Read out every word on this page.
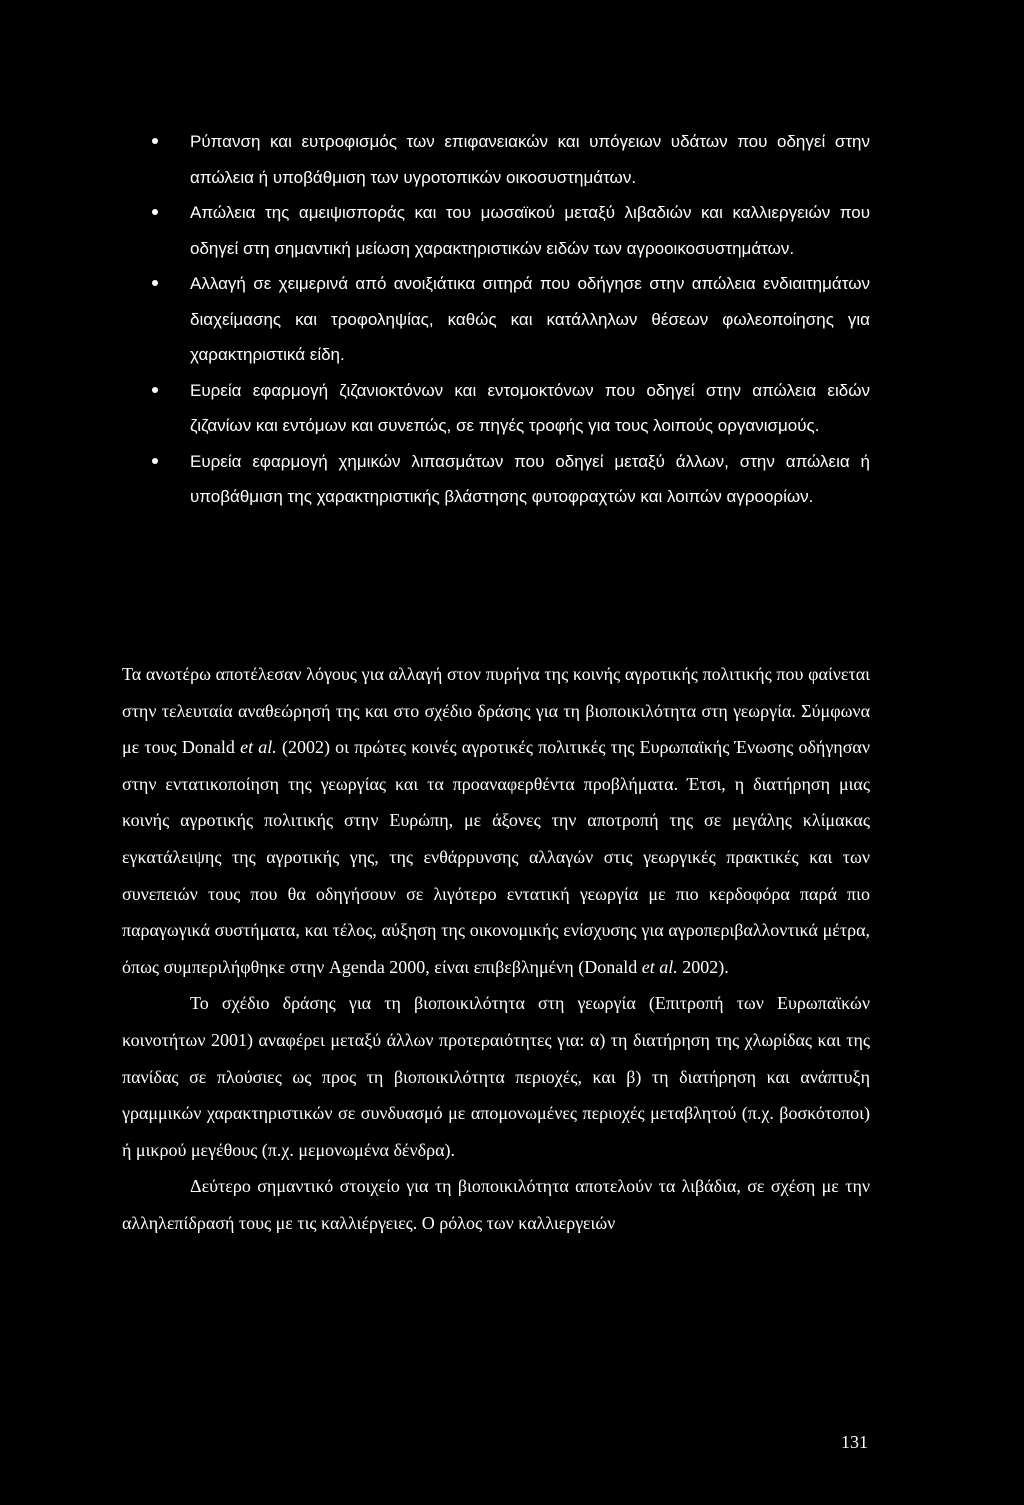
Ρύπανση και ευτροφισμός των επιφανειακών και υπόγειων υδάτων που οδηγεί στην απώλεια ή υποβάθμιση των υγροτοπικών οικοσυστημάτων.
Απώλεια της αμειψισποράς και του μωσαϊκού μεταξύ λιβαδιών και καλλιεργειών που οδηγεί στη σημαντική μείωση χαρακτηριστικών ειδών των αγροοικοσυστημάτων.
Αλλαγή σε χειμερινά από ανοιξιάτικα σιτηρά που οδήγησε στην απώλεια ενδιαιτημάτων διαχείμασης και τροφοληψίας, καθώς και κατάλληλων θέσεων φωλεοποίησης για χαρακτηριστικά είδη.
Ευρεία εφαρμογή ζιζανιοκτόνων και εντομοκτόνων που οδηγεί στην απώλεια ειδών ζιζανίων και εντόμων και συνεπώς, σε πηγές τροφής για τους λοιπούς οργανισμούς.
Ευρεία εφαρμογή χημικών λιπασμάτων που οδηγεί μεταξύ άλλων, στην απώλεια ή υποβάθμιση της χαρακτηριστικής βλάστησης φυτοφραχτών και λοιπών αγροορίων.

Τα ανωτέρω αποτέλεσαν λόγους για αλλαγή στον πυρήνα της κοινής αγροτικής πολιτικής που φαίνεται στην τελευταία αναθεώρησή της και στο σχέδιο δράσης για τη βιοποικιλότητα στη γεωργία. Σύμφωνα με τους Donald et al. (2002) οι πρώτες κοινές αγροτικές πολιτικές της Ευρωπαϊκής Ένωσης οδήγησαν στην εντατικοποίηση της γεωργίας και τα προαναφερθέντα προβλήματα. Έτσι, η διατήρηση μιας κοινής αγροτικής πολιτικής στην Ευρώπη, με άξονες την αποτροπή της σε μεγάλης κλίμακας εγκατάλειψης της αγροτικής γης, της ενθάρρυνσης αλλαγών στις γεωργικές πρακτικές και των συνεπειών τους που θα οδηγήσουν σε λιγότερο εντατική γεωργία με πιο κερδοφόρα παρά πιο παραγωγικά συστήματα, και τέλος, αύξηση της οικονομικής ενίσχυσης για αγροπεριβαλλοντικά μέτρα, όπως συμπεριλήφθηκε στην Agenda 2000, είναι επιβεβλημένη (Donald et al. 2002).

Το σχέδιο δράσης για τη βιοποικιλότητα στη γεωργία (Επιτροπή των Ευρωπαϊκών κοινοτήτων 2001) αναφέρει μεταξύ άλλων προτεραιότητες για: α) τη διατήρηση της χλωρίδας και της πανίδας σε πλούσιες ως προς τη βιοποικιλότητα περιοχές, και β) τη διατήρηση και ανάπτυξη γραμμικών χαρακτηριστικών σε συνδυασμό με απομονωμένες περιοχές μεταβλητού (π.χ. βοσκότοποι) ή μικρού μεγέθους (π.χ. μεμονωμένα δένδρα).

Δεύτερο σημαντικό στοιχείο για τη βιοποικιλότητα αποτελούν τα λιβάδια, σε σχέση με την αλληλεπίδρασή τους με τις καλλιέργειες. Ο ρόλος των καλλιεργειών

131
